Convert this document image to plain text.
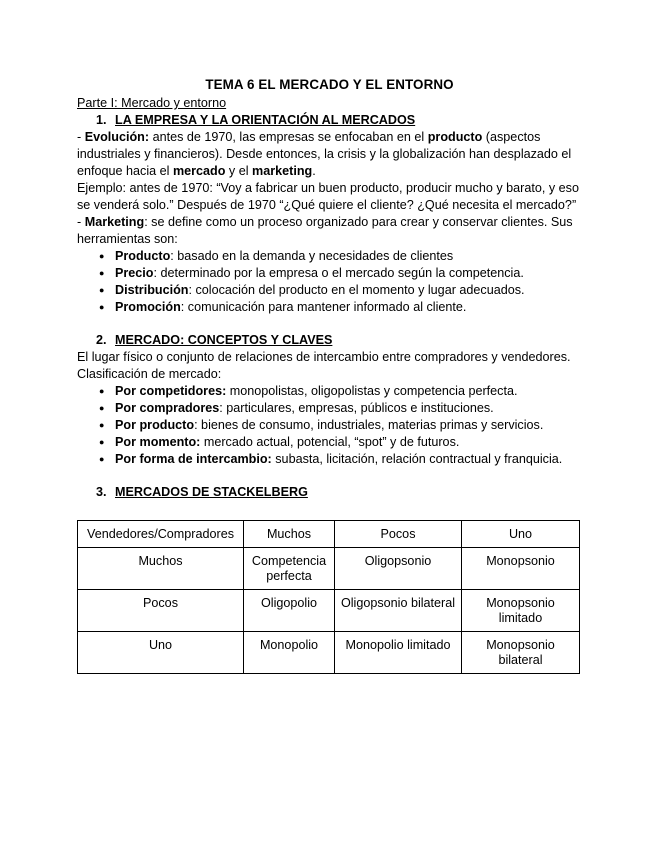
TEMA 6 EL MERCADO Y EL ENTORNO

Parte I: Mercado y entorno

1. LA EMPRESA Y LA ORIENTACIÓN AL MERCADOS

- Evolución: antes de 1970, las empresas se enfocaban en el producto (aspectos industriales y financieros). Desde entonces, la crisis y la globalización han desplazado el enfoque hacia el mercado y el marketing.

Ejemplo: antes de 1970: “Voy a fabricar un buen producto, producir mucho y barato, y eso se venderá solo.” Después de 1970 “¿Qué quiere el cliente? ¿Qué necesita el mercado?”

- Marketing: se define como un proceso organizado para crear y conservar clientes. Sus herramientas son:

● Producto: basado en la demanda y necesidades de clientes
● Precio: determinado por la empresa o el mercado según la competencia.
● Distribución: colocación del producto en el momento y lugar adecuados.
● Promoción: comunicación para mantener informado al cliente.
2. MERCADO: CONCEPTOS Y CLAVES

El lugar físico o conjunto de relaciones de intercambio entre compradores y vendedores.

Clasificación de mercado:

● Por competidores: monopolistas, oligopolistas y competencia perfecta.
● Por compradores: particulares, empresas, públicos e instituciones.
● Por producto: bienes de consumo, industriales, materias primas y servicios.
● Por momento: mercado actual, potencial, “spot” y de futuros.
● Por forma de intercambio: subasta, licitación, relación contractual y franquicia.
3. MERCADOS DE STACKELBERG
Vendedores/Compradores	Muchos	Pocos	Uno
Muchos	Competencia perfecta	Oligopsonio	Monopsonio
Pocos	Oligopolio	Oligopsonio bilateral	Monopsonio limitado
Uno	Monopolio	Monopolio limitado	Monopsonio bilateral
